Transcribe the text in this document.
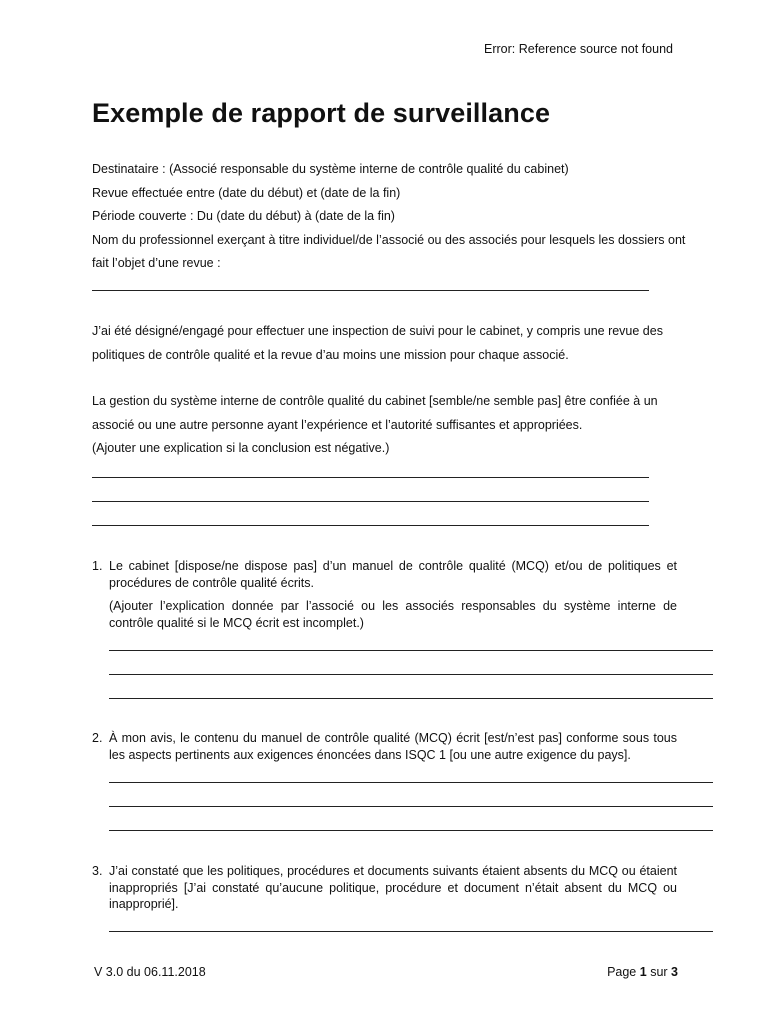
Error: Reference source not found
Exemple de rapport de surveillance

Destinataire : (Associé responsable du système interne de contrôle qualité du cabinet)

Revue effectuée entre (date du début) et (date de la fin)

Période couverte : Du (date du début) à (date de la fin)

Nom du professionnel exerçant à titre individuel/de l’associé ou des associés pour lesquels les dossiers ont fait l’objet d’une revue :

J’ai été désigné/engagé pour effectuer une inspection de suivi pour le cabinet, y compris une revue des politiques de contrôle qualité et la revue d’au moins une mission pour chaque associé.

La gestion du système interne de contrôle qualité du cabinet [semble/ne semble pas] être confiée à un associé ou une autre personne ayant l’expérience et l’autorité suffisantes et appropriées.

(Ajouter une explication si la conclusion est négative.)

1. Le cabinet [dispose/ne dispose pas] d’un manuel de contrôle qualité (MCQ) et/ou de politiques et procédures de contrôle qualité écrits.

(Ajouter l’explication donnée par l’associé ou les associés responsables du système interne de contrôle qualité si le MCQ écrit est incomplet.)

2. À mon avis, le contenu du manuel de contrôle qualité (MCQ) écrit [est/n’est pas] conforme sous tous les aspects pertinents aux exigences énoncées dans ISQC 1 [ou une autre exigence du pays].

3. J’ai constaté que les politiques, procédures et documents suivants étaient absents du MCQ ou étaient inappropriés [J’ai constaté qu’aucune politique, procédure et document n’était absent du MCQ ou inapproprié].

V 3.0 du 06.11.2018	Page 1 sur 3
